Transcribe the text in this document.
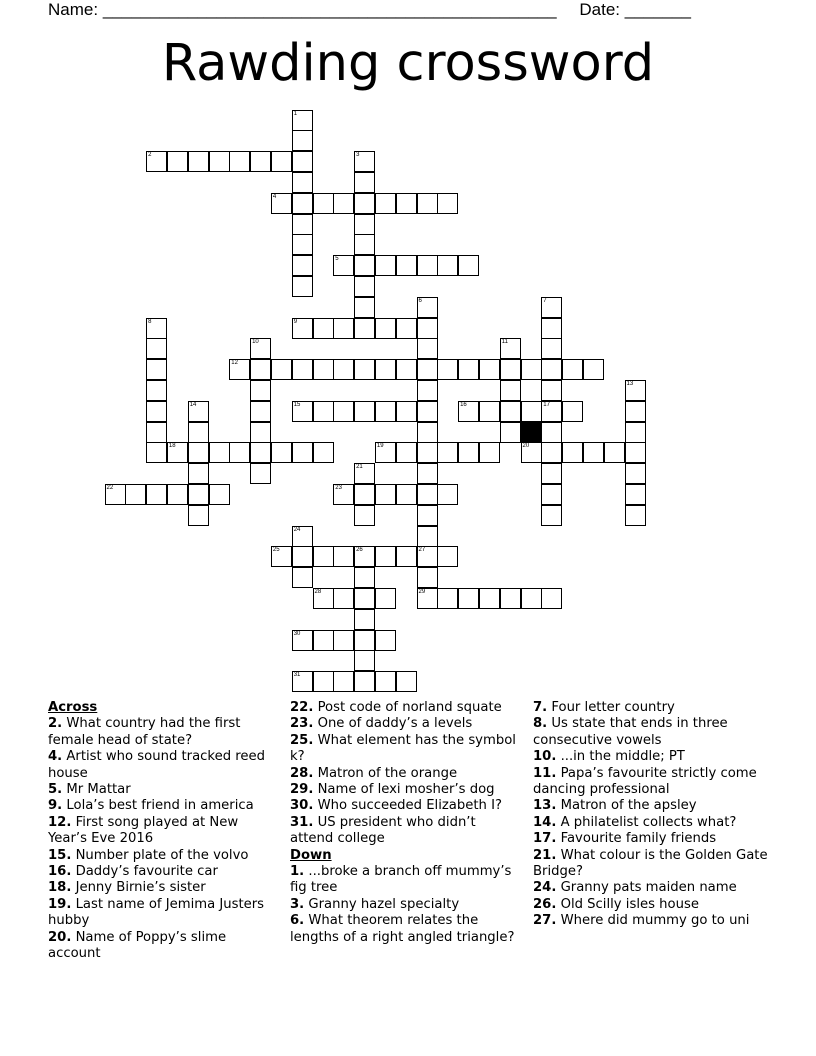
Name: ________________________________________________ Date: _______
Rawding crossword
1
2	3
4
5
6	7
17
8	9
10	11
12
13
14	15	16
18	19	20
21
22	23
24
25	26	27
28	29
30
31
Across
2. What country had the first female head of state?
4. Artist who sound tracked reed house
5. Mr Mattar
9. Lola’s best friend in america
12. First song played at New Year’s Eve 2016
15. Number plate of the volvo
16. Daddy’s favourite car
18. Jenny Birnie’s sister
19. Last name of Jemima Justers hubby
20. Name of Poppy’s slime account
22. Post code of norland squate
23. One of daddy’s a levels
25. What element has the symbol k?
28. Matron of the orange
29. Name of lexi mosher’s dog
30. Who succeeded Elizabeth I?
31. US president who didn’t attend college
Down
1. ...broke a branch off mummy’s fig tree
3. Granny hazel specialty
6. What theorem relates the lengths of a right angled triangle?
7. Four letter country
8. Us state that ends in three consecutive vowels
10. ...in the middle; PT
11. Papa’s favourite strictly come dancing professional
13. Matron of the apsley
14. A philatelist collects what?
17. Favourite family friends
21. What colour is the Golden Gate Bridge?
24. Granny pats maiden name
26. Old Scilly isles house
27. Where did mummy go to uni
